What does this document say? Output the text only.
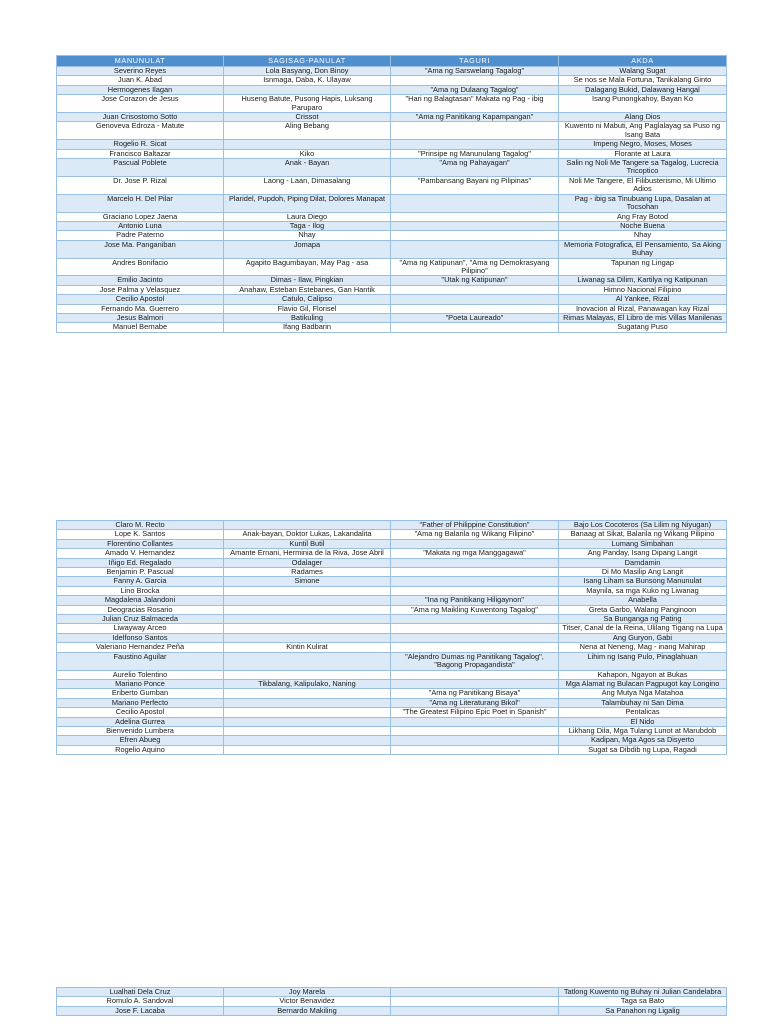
MANUNULAT	SAGISAG-PANULAT	TAGURI	AKDA
Severino Reyes	Lola Basyang, Don Binoy	"Ama ng Sarswelang Tagalog"	Walang Sugat
Juan K. Abad	Isnmaga, Daba, K. Ulayaw		Se nos se Mala Fortuna, Tanikalang Ginto
Hermogenes Ilagan		"Ama ng Dulaang Tagalog"	Dalagang Bukid, Dalawang Hangal
Jose Corazon de Jesus	Huseng Batute, Pusong Hapis, Luksang Paruparo	"Hari ng Balagtasan" Makata ng Pag - ibig	Isang Punongkahoy, Bayan Ko
Juan Crisostomo Sotto	Crissot	"Ama ng Panitikang Kapampangan"	Alang Dios
Genoveva Edroza - Matute	Aling Bebang		Kuwento ni Mabuti, Ang Paglalayag sa Puso ng Isang Bata
Rogelio R. Sicat			Impeng Negro, Moses, Moses
Francisco Baltazar	Kiko	"Prinsipe ng Manunulang Tagalog"	Florante at Laura
Pascual Poblete	Anak - Bayan	"Ama ng Pahayagan"	Salin ng Noli Me Tangere sa Tagalog, Lucrecia Tricoptico
Dr. Jose P. Rizal	Laong - Laan, Dimasalang	"Pambansang Bayani ng Pilipinas"	Noli Me Tangere, El Filibusterismo, Mi Ultimo Adios
Marcelo H. Del Pilar	Plaridel, Pupdoh, Piping Dilat, Dolores Manapat		Pag - ibig sa Tinubuang Lupa, Dasalan at Tocsohan
Graciano Lopez Jaena	Laura Diego		Ang Fray Botod
Antonio Luna	Taga - Ilog		Noche Buena
Padre Paterno	Nhay		Nhay
Jose Ma. Panganiban	Jomapa		Memoria Fotografica, El Pensamiento, Sa Aking Buhay
Andres Bonifacio	Agapito Bagumbayan, May Pag - asa	"Ama ng Katipunan", "Ama ng Demokrasyang Pilipino"	Tapunan ng Lingap
Emilio Jacinto	Dimas - Ilaw, Pingkian	"Utak ng Katipunan"	Liwanag sa Dilim, Kartilya ng Katipunan
Jose Palma y Velasquez	Anahaw, Esteban Estebanes, Gan Hantik		Himno Nacional Filipino
Cecilio Apostol	Catulo, Calipso		Al Yankee, Rizal
Fernando Ma. Guerrero	Flavio Gil, Florisel		Inovacion al Rizal, Panawagan kay Rizal
Jesus Balmori	Batikuling	"Poeta Laureado"	Rimas Malayas, El Libro de mis Villas Manilenas
Manuel Bernabe	Ifang Badbarin		Sugatang Puso
Claro M. Recto		"Father of Philippine Constitution"	Bajo Los Cocoteros (Sa Lilim ng Niyugan)
Lope K. Santos	Anak-bayan, Doktor Lukas, Lakandalita	"Ama ng Balarila ng Wikang Filipino"	Banaag at Sikat, Balarila ng Wikang Pilipino
Florentino Collantes	Kuntil Butil		Lumang Simbahan
Amado V. Hernandez	Amante Ernani, Herminia de la Riva, Jose Abril	"Makata ng mga Manggagawa"	Ang Panday, Isang Dipang Langit
Iñigo Ed. Regalado	Odalager		Damdamin
Benjamin P. Pascual	Radames		Di Mo Masilip Ang Langit
Fanny A. Garcia	Simone		Isang Liham sa Bunsong Manunulat
Lino Brocka			Maynila, sa mga Kuko ng Liwanag
Magdalena Jalandoni		"Ina ng Panitikang Hiligaynon"	Anabella
Deogracias Rosario		"Ama ng Maikling Kuwentong Tagalog"	Greta Garbo, Walang Panginoon
Julian Cruz Balmaceda			Sa Bunganga ng Pating
Liwayway Arceo			Titser, Canal de la Reina, Ulilang Tigang na Lupa
Idelfonso Santos			Ang Guryon, Gabi
Valeriano Hernandez Peña	Kintin Kulirat		Nena at Neneng, Mag - inang Mahirap
Faustino Aguilar		"Alejandro Dumas ng Panitikang Tagalog", "Bagong Propagandista"	Lihim ng Isang Pulo, Pinaglahuan
Aurelio Tolentino			Kahapon, Ngayon at Bukas
Mariano Ponce	Tikbalang, Kalipulako, Naning		Mga Alamat ng Bulacan Pagpugot kay Longino
Eriberto Gumban		"Ama ng Panitikang Bisaya"	Ang Mutya Nga Matahoa
Mariano Perfecto		"Ama ng Literaturang Bikol"	Talambuhay ni San Dima
Cecilio Apostol		"The Greatest Filipino Epic Poet in Spanish"	Pentalicas
Adelina Gurrea			El Nido
Bienvenido Lumbera			Likhang Dila, Mga Tulang Lunot at Marubdob
Efren Abueg			Kadipan, Mga Agos sa Disyerto
Rogelio Aquino			Sugat sa Dibdib ng Lupa, Ragadi
Lualhati Dela Cruz	Joy Marela		Tatlong Kuwento ng Buhay ni Julian Candelabra
Romulo A. Sandoval	Victor Benavidez		Taga sa Bato
Jose F. Lacaba	Bernardo Makiling		Sa Panahon ng Ligalig
